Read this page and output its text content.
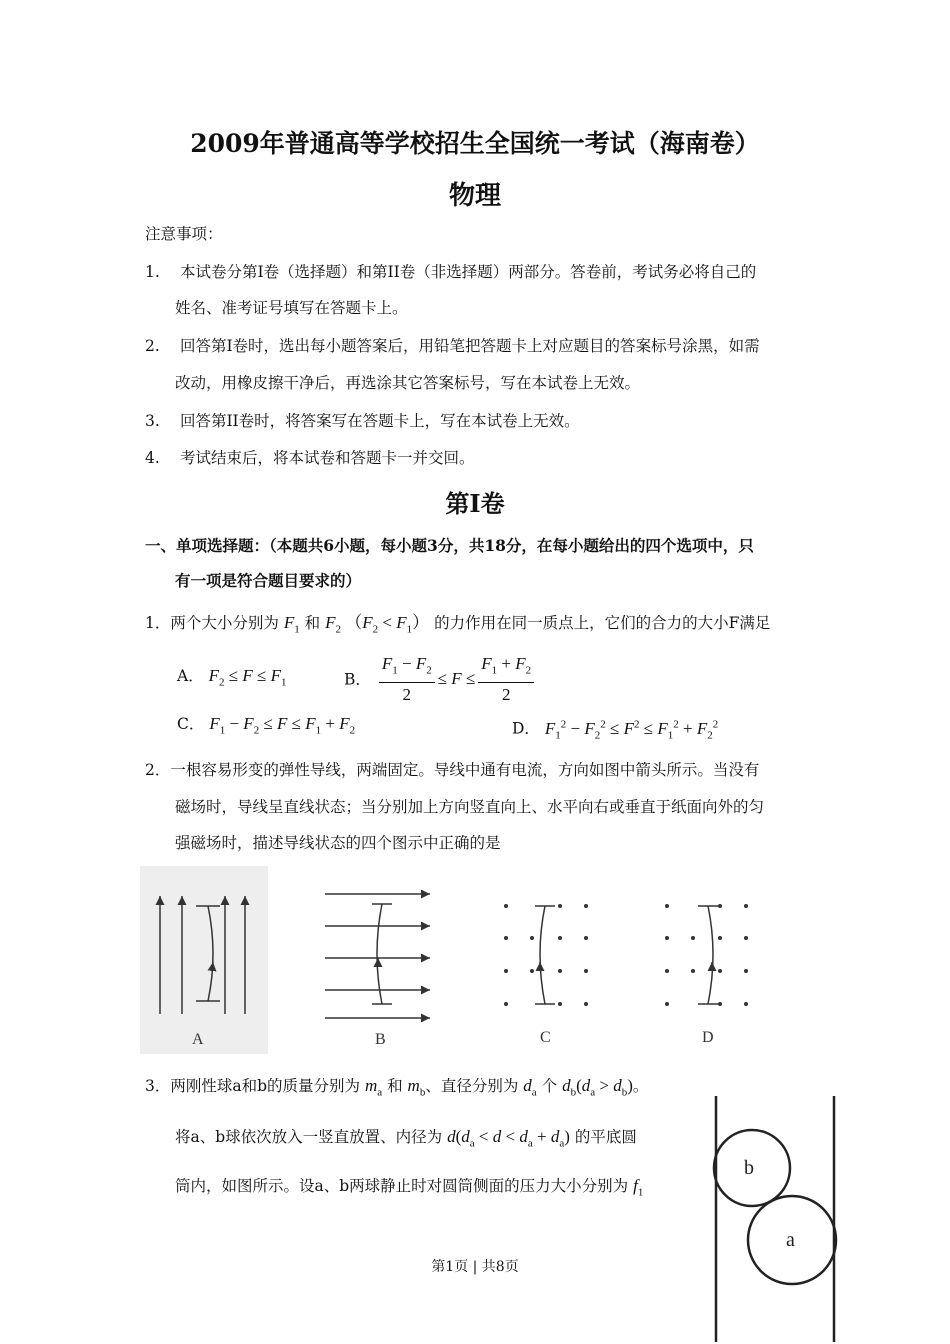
2009年普通高等学校招生全国统一考试（海南卷）
物理
注意事项：
1. 本试卷分第I卷（选择题）和第II卷（非选择题）两部分。答卷前，考试务必将自己的
姓名、准考证号填写在答题卡上。
2. 回答第I卷时，选出每小题答案后，用铅笔把答题卡上对应题目的答案标号涂黑，如需
改动，用橡皮擦干净后，再选涂其它答案标号，写在本试卷上无效。
3. 回答第II卷时，将答案写在答题卡上，写在本试卷上无效。
4. 考试结束后，将本试卷和答题卡一并交回。
第I卷
一、单项选择题：（本题共6小题，每小题3分，共18分，在每小题给出的四个选项中，只
有一项是符合题目要求的）
1．两个大小分别为 $F_1$ 和 $F_2$ $(F_2 < F_1)$ 的力作用在同一质点上，它们的合力的大小F满足
A． $F_2 \le F \le F_1$	B． $\frac{F_1 - F_2}{2} \le F \le \frac{F_1 + F_2}{2}$
C． $F_1 - F_2 \le F \le F_1 + F_2$	D． $F_1^2 - F_2^2 \le F^2 \le F_1^2 + F_2^2$
2．一根容易形变的弹性导线，两端固定。导线中通有电流，方向如图中箭头所示。当没有
磁场时，导线呈直线状态；当分别加上方向竖直向上、水平向右或垂直于纸面向外的匀
强磁场时，描述导线状态的四个图示中正确的是
A	B	C	D
3．两刚性球a和b的质量分别为 $m_a$ 和 $m_b$、直径分别为 $d_a$ 个 $d_b(d_a > d_b)$。
将a、b球依次放入一竖直放置、内径为 $d(d_a < d < d_a + d_a)$ 的平底圆
筒内，如图所示。设a、b两球静止时对圆筒侧面的压力大小分别为 $f_1$
b
a
第1页 | 共8页
